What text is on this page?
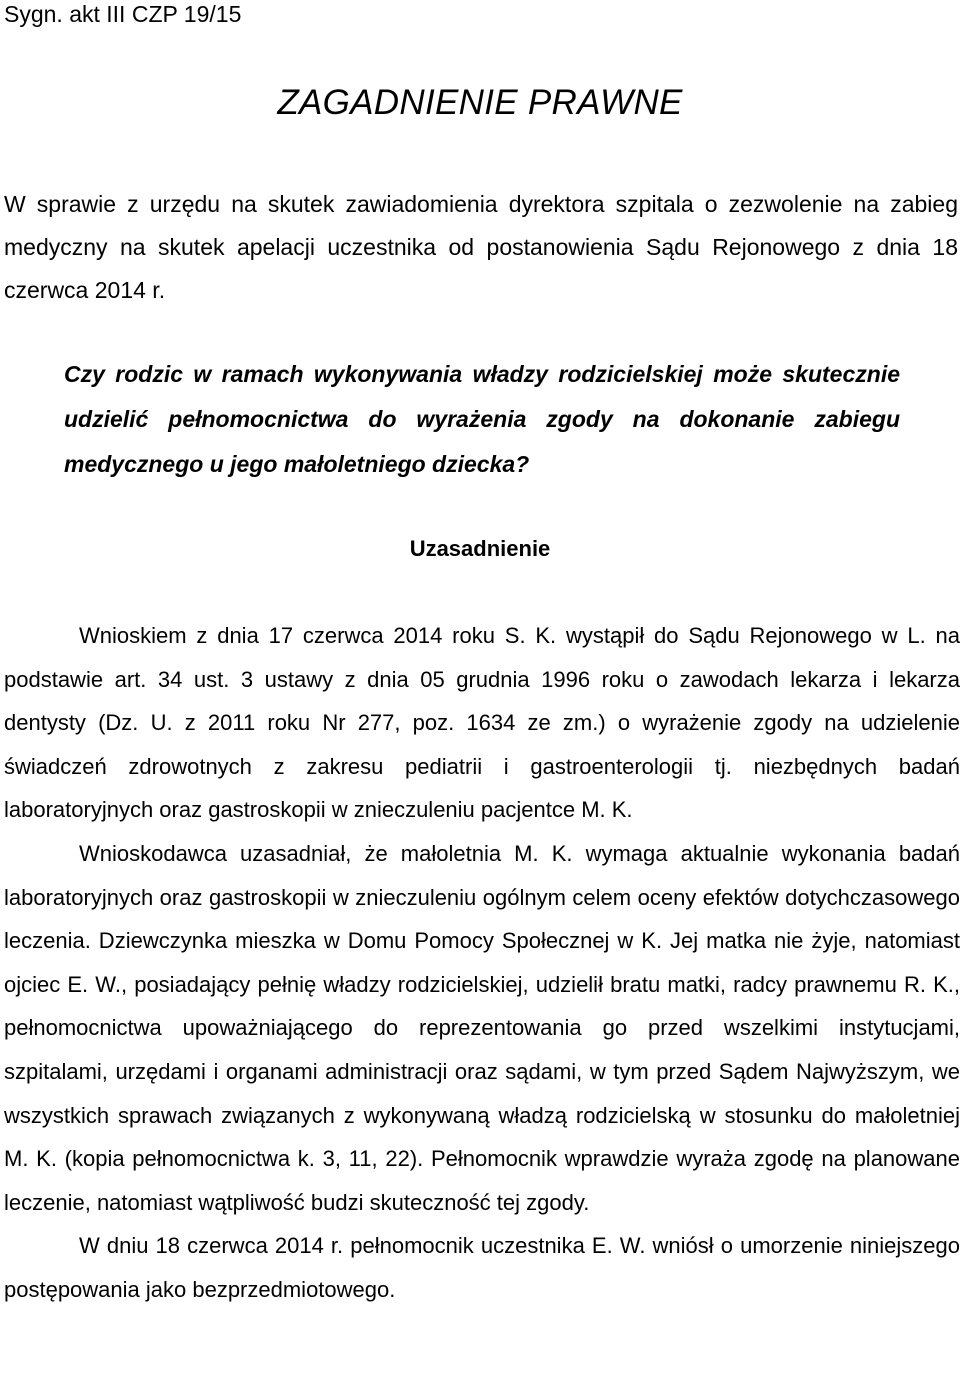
Sygn. akt III CZP 19/15
ZAGADNIENIE PRAWNE
W sprawie z urzędu na skutek zawiadomienia dyrektora szpitala o zezwolenie na zabieg medyczny na skutek apelacji uczestnika od postanowienia Sądu Rejonowego z dnia 18 czerwca 2014 r.
Czy rodzic w ramach wykonywania władzy rodzicielskiej może skutecznie udzielić pełnomocnictwa do wyrażenia zgody na dokonanie zabiegu medycznego u jego małoletniego dziecka?
Uzasadnienie

Wnioskiem z dnia 17 czerwca 2014 roku S. K. wystąpił do Sądu Rejonowego w L. na podstawie art. 34 ust. 3 ustawy z dnia 05 grudnia 1996 roku o zawodach lekarza i lekarza dentysty (Dz. U. z 2011 roku Nr 277, poz. 1634 ze zm.) o wyrażenie zgody na udzielenie świadczeń zdrowotnych z zakresu pediatrii i gastroenterologii tj. niezbędnych badań laboratoryjnych oraz gastroskopii w znieczuleniu pacjentce M. K.

Wnioskodawca uzasadniał, że małoletnia M. K. wymaga aktualnie wykonania badań laboratoryjnych oraz gastroskopii w znieczuleniu ogólnym celem oceny efektów dotychczasowego leczenia. Dziewczynka mieszka w Domu Pomocy Społecznej w K. Jej matka nie żyje, natomiast ojciec E. W., posiadający pełnię władzy rodzicielskiej, udzielił bratu matki, radcy prawnemu R. K., pełnomocnictwa upoważniającego do reprezentowania go przed wszelkimi instytucjami, szpitalami, urzędami i organami administracji oraz sądami, w tym przed Sądem Najwyższym, we wszystkich sprawach związanych z wykonywaną władzą rodzicielską w stosunku do małoletniej M. K. (kopia pełnomocnictwa k. 3, 11, 22). Pełnomocnik wprawdzie wyraża zgodę na planowane leczenie, natomiast wątpliwość budzi skuteczność tej zgody.

W dniu 18 czerwca 2014 r. pełnomocnik uczestnika E. W. wniósł o umorzenie niniejszego postępowania jako bezprzedmiotowego.
